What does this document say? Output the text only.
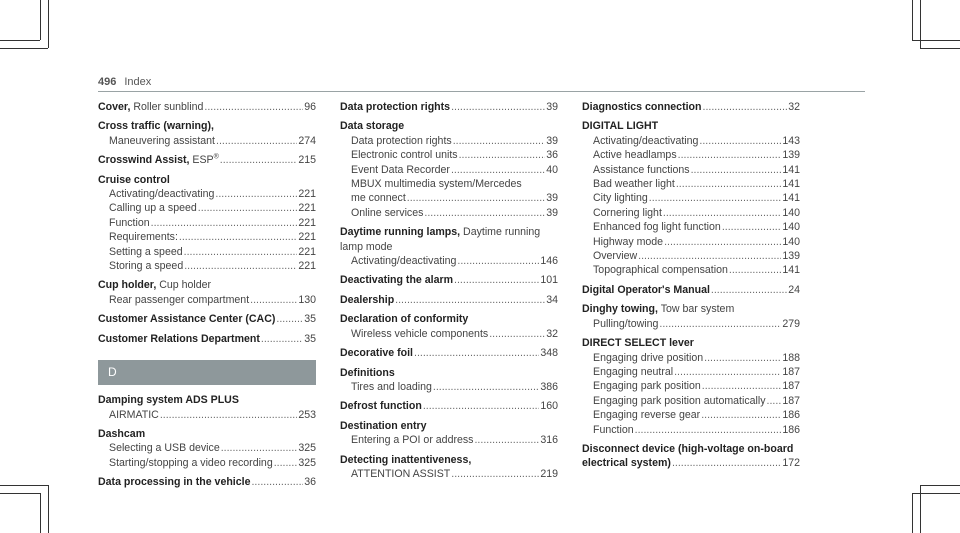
496 Index
Cover, Roller sunblind .....	96
Cross traffic (warning),
Maneuvering assistant .....	274
Crosswind Assist, ESP® .....	215
Cruise control
Activating/deactivating .....	221
Calling up a speed .....	221
Function .....	221
Requirements: .....	221
Setting a speed .....	221
Storing a speed .....	221
Cup holder, Cup holder
Rear passenger compartment .....	130
Customer Assistance Center (CAC) .....	35
Customer Relations Department .....	35
D
Damping system ADS PLUS
AIRMATIC .....	253
Dashcam
Selecting a USB device .....	325
Starting/stopping a video recording ..... 325
Data processing in the vehicle .....	36
Data protection rights .....	39
Data storage
Data protection rights .....	39
Electronic control units .....	36
Event Data Recorder .....	40
MBUX multimedia system/Mercedes
me connect .....	39
Online services .....	39
Daytime running lamps, Daytime running
lamp mode
Activating/deactivating .....	146
Deactivating the alarm .....	101
Dealership .....	34
Declaration of conformity
Wireless vehicle components .....	32
Decorative foil .....	348
Definitions
Tires and loading .....	386
Defrost function .....	160
Destination entry
Entering a POI or address .....	316
Detecting inattentiveness,
ATTENTION ASSIST .....	219
Diagnostics connection .....	32
DIGITAL LIGHT
Activating/deactivating .....	143
Active headlamps .....	139
Assistance functions .....	141
Bad weather light .....	141
City lighting .....	141
Cornering light .....	140
Enhanced fog light function .....	140
Highway mode .....	140
Overview .....	139
Topographical compensation .....	141
Digital Operator's Manual .....	24
Dinghy towing, Tow bar system
Pulling/towing .....	279
DIRECT SELECT lever
Engaging drive position .....	188
Engaging neutral .....	187
Engaging park position .....	187
Engaging park position automatically ..... 187
Engaging reverse gear .....	186
Function .....	186
Disconnect device (high-voltage on-board
electrical system) .....	172
